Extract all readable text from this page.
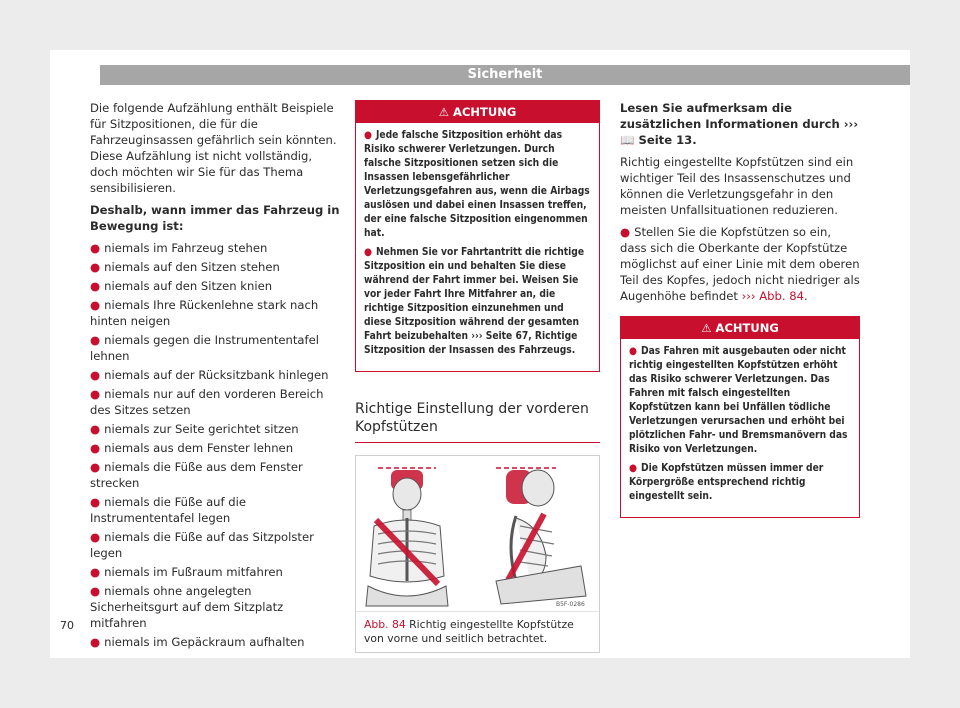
Sicherheit

Die folgende Aufzählung enthält Beispiele für Sitzpositionen, die für die Fahrzeuginsassen gefährlich sein könnten. Diese Aufzählung ist nicht vollständig, doch möchten wir Sie für das Thema sensibilisieren.

Deshalb, wann immer das Fahrzeug in Bewegung ist:

● niemals im Fahrzeug stehen
● niemals auf den Sitzen stehen
● niemals auf den Sitzen knien
● niemals Ihre Rückenlehne stark nach hinten neigen
● niemals gegen die Instrumententafel lehnen
● niemals auf der Rücksitzbank hinlegen
● niemals nur auf den vorderen Bereich des Sitzes setzen
● niemals zur Seite gerichtet sitzen
● niemals aus dem Fenster lehnen
● niemals die Füße aus dem Fenster strecken
● niemals die Füße auf die Instrumententafel legen
● niemals die Füße auf das Sitzpolster legen
● niemals im Fußraum mitfahren
● niemals ohne angelegten Sicherheitsgurt auf dem Sitzplatz mitfahren
● niemals im Gepäckraum aufhalten
⚠ ACHTUNG

● Jede falsche Sitzposition erhöht das Risiko schwerer Verletzungen. Durch falsche Sitzpositionen setzen sich die Insassen lebensgefährlicher Verletzungsgefahren aus, wenn die Airbags auslösen und dabei einen Insassen treffen, der eine falsche Sitzposition eingenommen hat.

● Nehmen Sie vor Fahrtantritt die richtige Sitzposition ein und behalten Sie diese während der Fahrt immer bei. Weisen Sie vor jeder Fahrt Ihre Mitfahrer an, die richtige Sitzposition einzunehmen und diese Sitzposition während der gesamten Fahrt beizubehalten ››› Seite 67, Richtige Sitzposition der Insassen des Fahrzeugs.

Richtige Einstellung der vorderen Kopfstützen
B5F-0286
Abb. 84 Richtig eingestellte Kopfstütze von vorne und seitlich betrachtet.

Lesen Sie aufmerksam die zusätzlichen Informationen durch ››› 📖 Seite 13.

Richtig eingestellte Kopfstützen sind ein wichtiger Teil des Insassenschutzes und können die Verletzungsgefahr in den meisten Unfallsituationen reduzieren.

● Stellen Sie die Kopfstützen so ein, dass sich die Oberkante der Kopfstütze möglichst auf einer Linie mit dem oberen Teil des Kopfes, jedoch nicht niedriger als Augenhöhe befindet ››› Abb. 84.

⚠ ACHTUNG

● Das Fahren mit ausgebauten oder nicht richtig eingestellten Kopfstützen erhöht das Risiko schwerer Verletzungen. Das Fahren mit falsch eingestellten Kopfstützen kann bei Unfällen tödliche Verletzungen verursachen und erhöht bei plötzlichen Fahr- und Bremsmanövern das Risiko von Verletzungen.

● Die Kopfstützen müssen immer der Körpergröße entsprechend richtig eingestellt sein.

70
